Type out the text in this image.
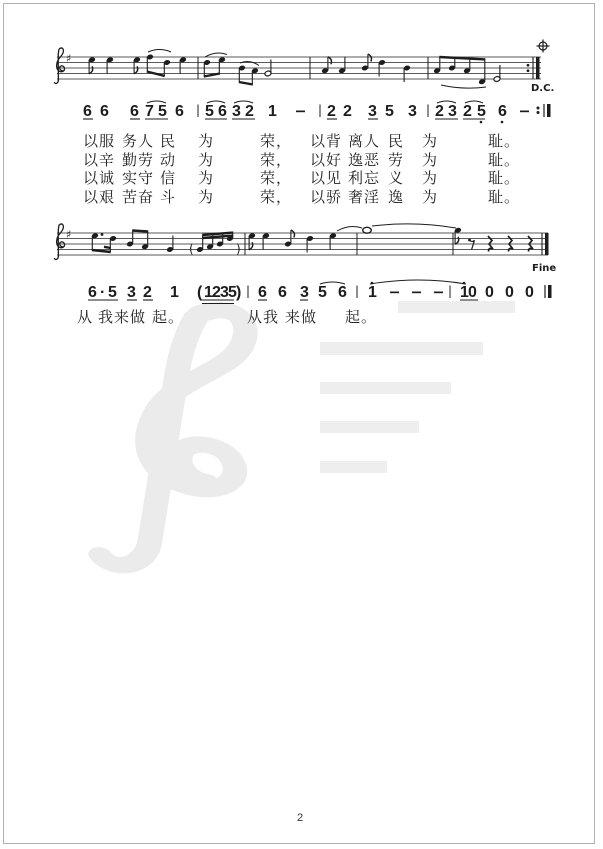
♯
D.C.
6 6 6 7 5 6 5 6 3 2 1	2 2 3 5 3 2 3 2 5 6
以服 务人 民 为	荣， 以背 离人 民 为	耻。
以辛 勤劳 动 为	荣， 以好 逸恶 劳 为	耻。
以诚 实守 信 为	荣， 以见 利忘 义 为	耻。
以艰 苦奋 斗 为	荣， 以骄 奢淫 逸 为	耻。
从 我来做 起。	从我 来做 起。
♯
(	)
Fine
6 · 5 3 2 1 ( 1 2 3 5 ) 6 6 3 5 6 1	1 0 0 0 0
2
